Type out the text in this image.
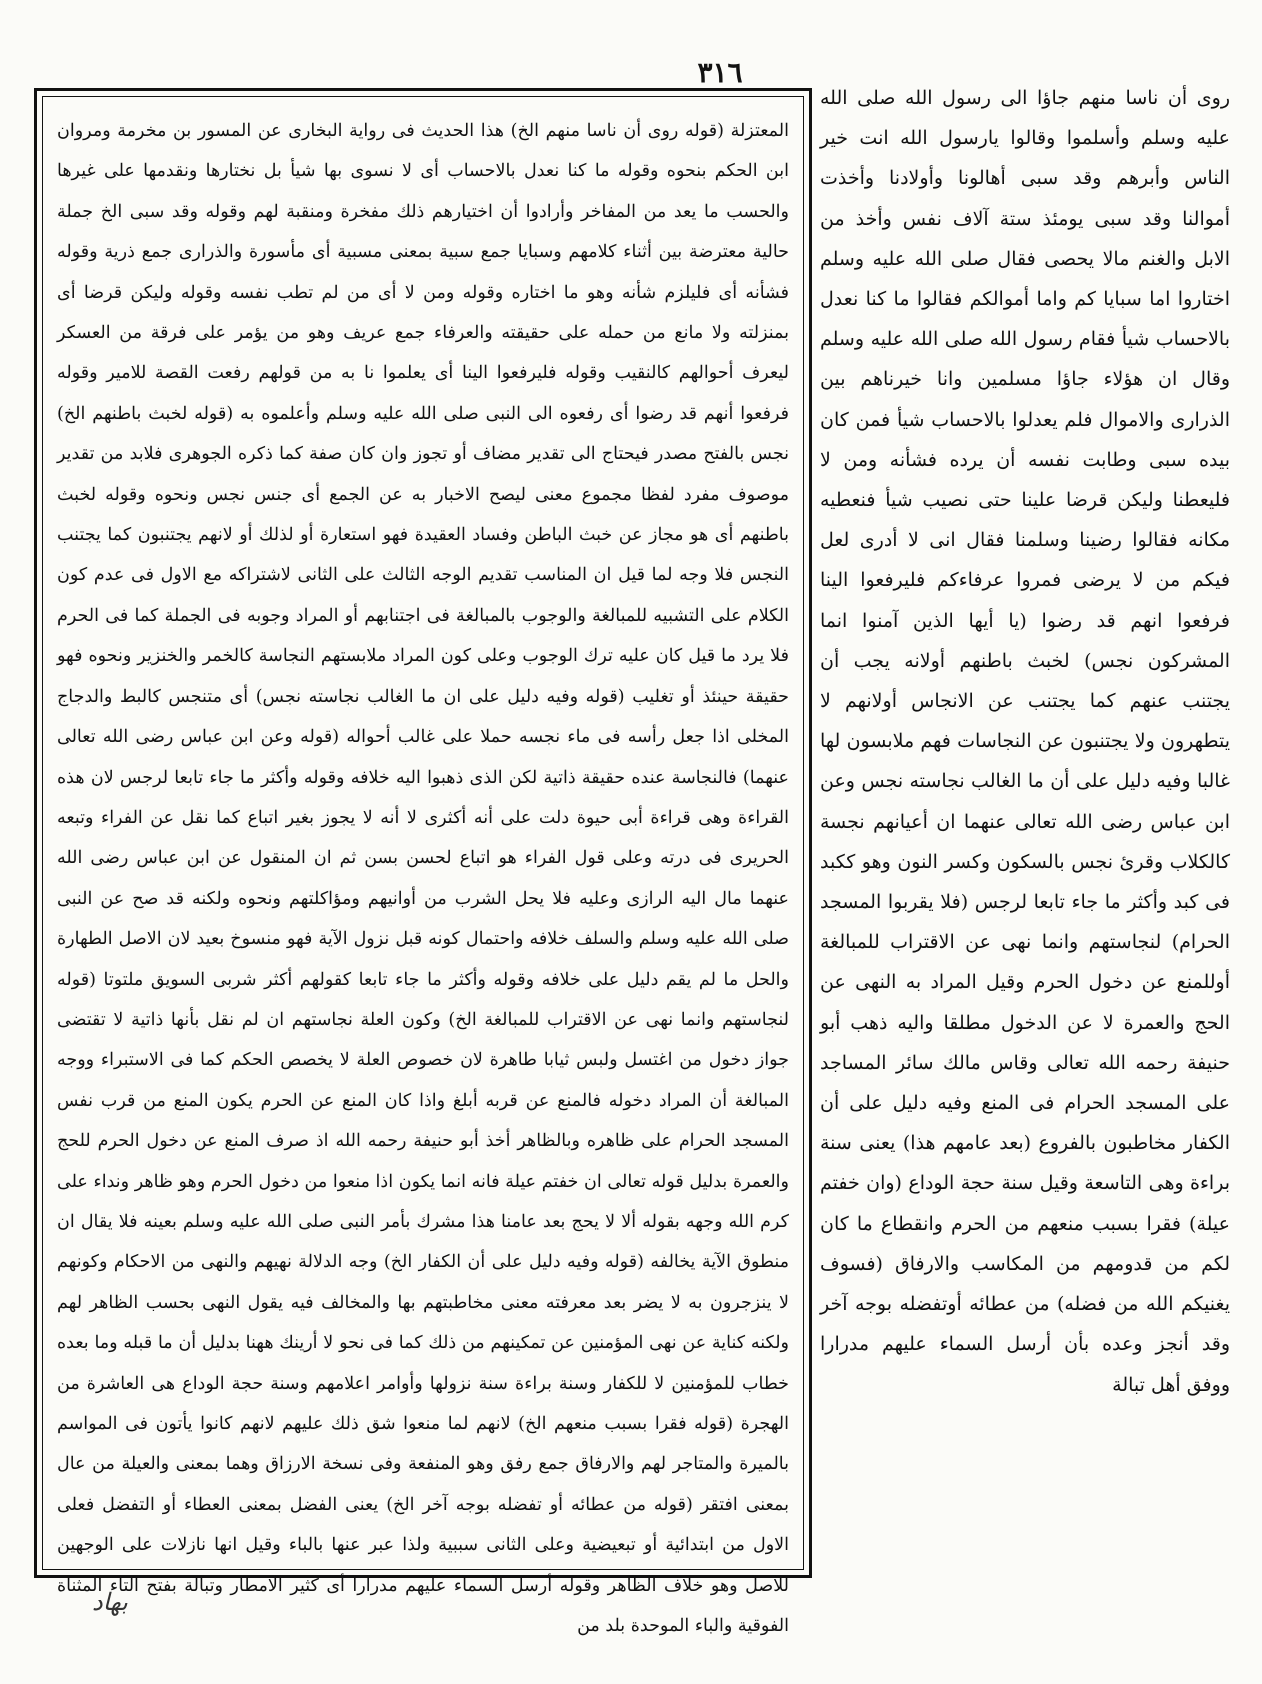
٣١٦

روى أن ناسا منهم جاؤا الى رسول الله صلى الله عليه وسلم وأسلموا وقالوا يارسول الله انت خير الناس وأبرهم وقد سبى أهالونا وأولادنا وأخذت أموالنا وقد سبى يومئذ ستة آلاف نفس وأخذ من الابل والغنم مالا يحصى فقال صلى الله عليه وسلم اختاروا اما سبايا كم واما أموالكم فقالوا ما كنا نعدل بالاحساب شيأ فقام رسول الله صلى الله عليه وسلم وقال ان هؤلاء جاؤا مسلمين وانا خيرناهم بين الذرارى والاموال فلم يعدلوا بالاحساب شيأ فمن كان بيده سبى وطابت نفسه أن يرده فشأنه ومن لا فليعطنا وليكن قرضا علينا حتى نصيب شيأ فنعطيه مكانه فقالوا رضينا وسلمنا فقال انى لا أدرى لعل فيكم من لا يرضى فمروا عرفاءكم فليرفعوا الينا فرفعوا انهم قد رضوا (يا أيها الذين آمنوا انما المشركون نجس) لخبث باطنهم أولانه يجب أن يجتنب عنهم كما يجتنب عن الانجاس أولانهم لا يتطهرون ولا يجتنبون عن النجاسات فهم ملابسون لها غالبا وفيه دليل على أن ما الغالب نجاسته نجس وعن ابن عباس رضى الله تعالى عنهما ان أعيانهم نجسة كالكلاب وقرئ نجس بالسكون وكسر النون وهو ككبد فى كبد وأكثر ما جاء تابعا لرجس (فلا يقربوا المسجد الحرام) لنجاستهم وانما نهى عن الاقتراب للمبالغة أوللمنع عن دخول الحرم وقيل المراد به النهى عن الحج والعمرة لا عن الدخول مطلقا واليه ذهب أبو حنيفة رحمه الله تعالى وقاس مالك سائر المساجد على المسجد الحرام فى المنع وفيه دليل على أن الكفار مخاطبون بالفروع (بعد عامهم هذا) يعنى سنة براءة وهى التاسعة وقيل سنة حجة الوداع (وان خفتم عيلة) فقرا بسبب منعهم من الحرم وانقطاع ما كان لكم من قدومهم من المكاسب والارفاق (فسوف يغنيكم الله من فضله) من عطائه أوتفضله بوجه آخر وقد أنجز وعده بأن أرسل السماء عليهم مدرارا ووفق أهل تبالة

المعتزلة (قوله روى أن ناسا منهم الخ) هذا الحديث فى رواية البخارى عن المسور بن مخرمة ومروان ابن الحكم بنحوه وقوله ما كنا نعدل بالاحساب أى لا نسوى بها شيأ بل نختارها ونقدمها على غيرها والحسب ما يعد من المفاخر وأرادوا أن اختيارهم ذلك مفخرة ومنقبة لهم وقوله وقد سبى الخ جملة حالية معترضة بين أثناء كلامهم وسبايا جمع سبية بمعنى مسبية أى مأسورة والذرارى جمع ذرية وقوله فشأنه أى فليلزم شأنه وهو ما اختاره وقوله ومن لا أى من لم تطب نفسه وقوله وليكن قرضا أى بمنزلته ولا مانع من حمله على حقيقته والعرفاء جمع عريف وهو من يؤمر على فرقة من العسكر ليعرف أحوالهم كالنقيب وقوله فليرفعوا الينا أى يعلموا نا به من قولهم رفعت القصة للامير وقوله فرفعوا أنهم قد رضوا أى رفعوه الى النبى صلى الله عليه وسلم وأعلموه به (قوله لخبث باطنهم الخ) نجس بالفتح مصدر فيحتاج الى تقدير مضاف أو تجوز وان كان صفة كما ذكره الجوهرى فلابد من تقدير موصوف مفرد لفظا مجموع معنى ليصح الاخبار به عن الجمع أى جنس نجس ونحوه وقوله لخبث باطنهم أى هو مجاز عن خبث الباطن وفساد العقيدة فهو استعارة أو لذلك أو لانهم يجتنبون كما يجتنب النجس فلا وجه لما قيل ان المناسب تقديم الوجه الثالث على الثانى لاشتراكه مع الاول فى عدم كون الكلام على التشبيه للمبالغة والوجوب بالمبالغة فى اجتنابهم أو المراد وجوبه فى الجملة كما فى الحرم فلا يرد ما قيل كان عليه ترك الوجوب وعلى كون المراد ملابستهم النجاسة كالخمر والخنزير ونحوه فهو حقيقة حينئذ أو تغليب (قوله وفيه دليل على ان ما الغالب نجاسته نجس) أى متنجس كالبط والدجاج المخلى اذا جعل رأسه فى ماء نجسه حملا على غالب أحواله (قوله وعن ابن عباس رضى الله تعالى عنهما) فالنجاسة عنده حقيقة ذاتية لكن الذى ذهبوا اليه خلافه وقوله وأكثر ما جاء تابعا لرجس لان هذه القراءة وهى قراءة أبى حيوة دلت على أنه أكثرى لا أنه لا يجوز بغير اتباع كما نقل عن الفراء وتبعه الحريرى فى درته وعلى قول الفراء هو اتباع لحسن بسن ثم ان المنقول عن ابن عباس رضى الله عنهما مال اليه الرازى وعليه فلا يحل الشرب من أوانيهم ومؤاكلتهم ونحوه ولكنه قد صح عن النبى صلى الله عليه وسلم والسلف خلافه واحتمال كونه قبل نزول الآية فهو منسوخ بعيد لان الاصل الطهارة والحل ما لم يقم دليل على خلافه وقوله وأكثر ما جاء تابعا كقولهم أكثر شربى السويق ملتوتا (قوله لنجاستهم وانما نهى عن الاقتراب للمبالغة الخ) وكون العلة نجاستهم ان لم نقل بأنها ذاتية لا تقتضى جواز دخول من اغتسل ولبس ثيابا طاهرة لان خصوص العلة لا يخصص الحكم كما فى الاستبراء ووجه المبالغة أن المراد دخوله فالمنع عن قربه أبلغ واذا كان المنع عن الحرم يكون المنع من قرب نفس المسجد الحرام على ظاهره وبالظاهر أخذ أبو حنيفة رحمه الله اذ صرف المنع عن دخول الحرم للحج والعمرة بدليل قوله تعالى ان خفتم عيلة فانه انما يكون اذا منعوا من دخول الحرم وهو ظاهر ونداء على كرم الله وجهه بقوله ألا لا يحج بعد عامنا هذا مشرك بأمر النبى صلى الله عليه وسلم بعينه فلا يقال ان منطوق الآية يخالفه (قوله وفيه دليل على أن الكفار الخ) وجه الدلالة نهيهم والنهى من الاحكام وكونهم لا ينزجرون به لا يضر بعد معرفته معنى مخاطبتهم بها والمخالف فيه يقول النهى بحسب الظاهر لهم ولكنه كناية عن نهى المؤمنين عن تمكينهم من ذلك كما فى نحو لا أرينك ههنا بدليل أن ما قبله وما بعده خطاب للمؤمنين لا للكفار وسنة براءة سنة نزولها وأوامر اعلامهم وسنة حجة الوداع هى العاشرة من الهجرة (قوله فقرا بسبب منعهم الخ) لانهم لما منعوا شق ذلك عليهم لانهم كانوا يأتون فى المواسم بالميرة والمتاجر لهم والارفاق جمع رفق وهو المنفعة وفى نسخة الارزاق وهما بمعنى والعيلة من عال بمعنى افتقر (قوله من عطائه أو تفضله بوجه آخر الخ) يعنى الفضل بمعنى العطاء أو التفضل فعلى الاول من ابتدائية أو تبعيضية وعلى الثانى سببية ولذا عبر عنها بالباء وقيل انها نازلات على الوجهين للاصل وهو خلاف الظاهر وقوله أرسل السماء عليهم مدرارا أى كثير الامطار وتبالة بفتح التاء المثناة الفوقية والباء الموحدة بلد من

بهاد
